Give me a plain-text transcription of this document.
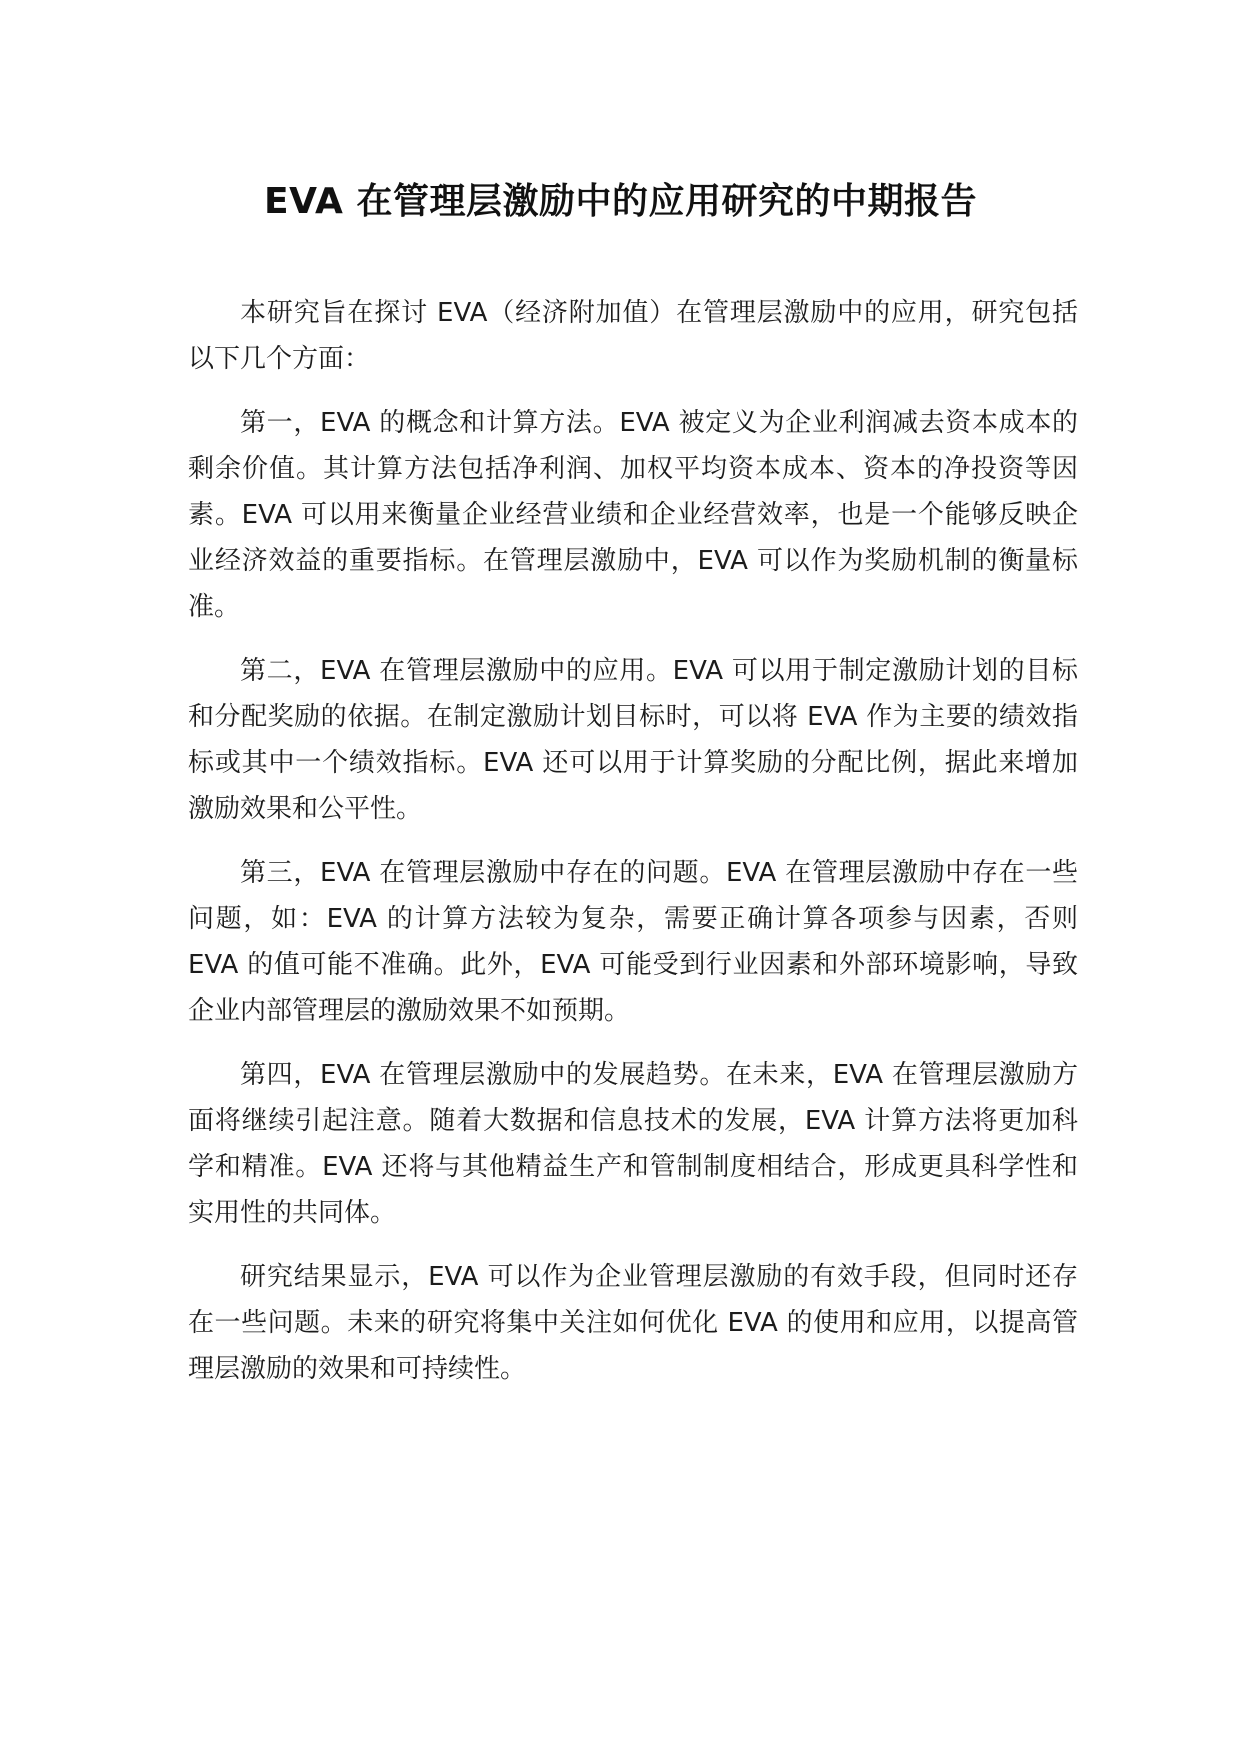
EVA 在管理层激励中的应用研究的中期报告

本研究旨在探讨 EVA（经济附加值）在管理层激励中的应用，研究包括以下几个方面：

第一，EVA 的概念和计算方法。EVA 被定义为企业利润减去资本成本的剩余价值。其计算方法包括净利润、加权平均资本成本、资本的净投资等因素。EVA 可以用来衡量企业经营业绩和企业经营效率，也是一个能够反映企业经济效益的重要指标。在管理层激励中，EVA 可以作为奖励机制的衡量标准。

第二，EVA 在管理层激励中的应用。EVA 可以用于制定激励计划的目标和分配奖励的依据。在制定激励计划目标时，可以将 EVA 作为主要的绩效指标或其中一个绩效指标。EVA 还可以用于计算奖励的分配比例，据此来增加激励效果和公平性。

第三，EVA 在管理层激励中存在的问题。EVA 在管理层激励中存在一些问题，如：EVA 的计算方法较为复杂，需要正确计算各项参与因素，否则 EVA 的值可能不准确。此外，EVA 可能受到行业因素和外部环境影响，导致企业内部管理层的激励效果不如预期。

第四，EVA 在管理层激励中的发展趋势。在未来，EVA 在管理层激励方面将继续引起注意。随着大数据和信息技术的发展，EVA 计算方法将更加科学和精准。EVA 还将与其他精益生产和管制制度相结合，形成更具科学性和实用性的共同体。

研究结果显示，EVA 可以作为企业管理层激励的有效手段，但同时还存在一些问题。未来的研究将集中关注如何优化 EVA 的使用和应用，以提高管理层激励的效果和可持续性。
